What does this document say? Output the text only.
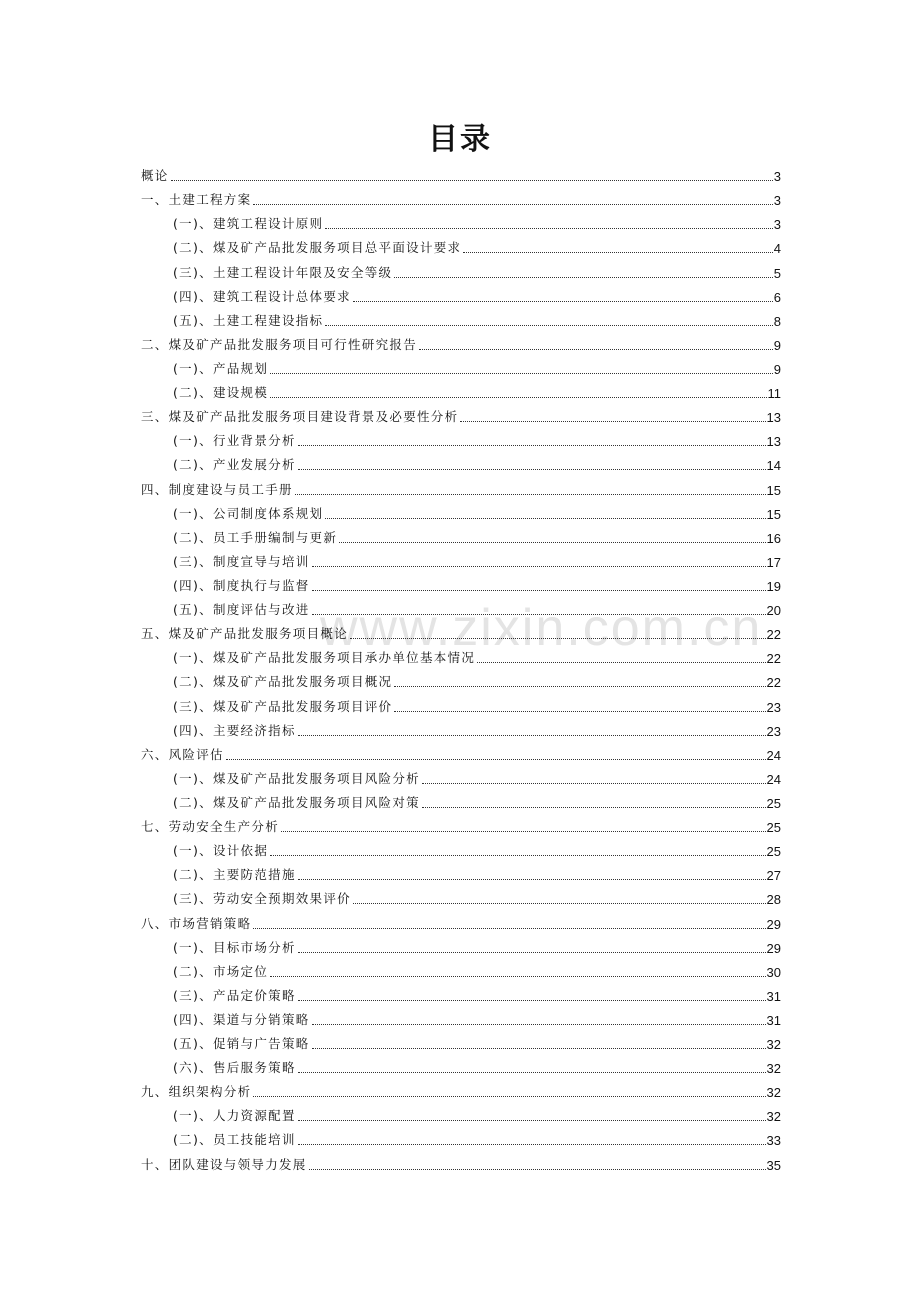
目录
www.zixin.com.cn
概论	3
一、土建工程方案	3
(一)、建筑工程设计原则	3
(二)、煤及矿产品批发服务项目总平面设计要求	4
(三)、土建工程设计年限及安全等级	5
(四)、建筑工程设计总体要求	6
(五)、土建工程建设指标	8
二、煤及矿产品批发服务项目可行性研究报告	9
(一)、产品规划	9
(二)、建设规模	11
三、煤及矿产品批发服务项目建设背景及必要性分析	13
(一)、行业背景分析	13
(二)、产业发展分析	14
四、制度建设与员工手册	15
(一)、公司制度体系规划	15
(二)、员工手册编制与更新	16
(三)、制度宣导与培训	17
(四)、制度执行与监督	19
(五)、制度评估与改进	20
五、煤及矿产品批发服务项目概论	22
(一)、煤及矿产品批发服务项目承办单位基本情况	22
(二)、煤及矿产品批发服务项目概况	22
(三)、煤及矿产品批发服务项目评价	23
(四)、主要经济指标	23
六、风险评估	24
(一)、煤及矿产品批发服务项目风险分析	24
(二)、煤及矿产品批发服务项目风险对策	25
七、劳动安全生产分析	25
(一)、设计依据	25
(二)、主要防范措施	27
(三)、劳动安全预期效果评价	28
八、市场营销策略	29
(一)、目标市场分析	29
(二)、市场定位	30
(三)、产品定价策略	31
(四)、渠道与分销策略	31
(五)、促销与广告策略	32
(六)、售后服务策略	32
九、组织架构分析	32
(一)、人力资源配置	32
(二)、员工技能培训	33
十、团队建设与领导力发展	35
